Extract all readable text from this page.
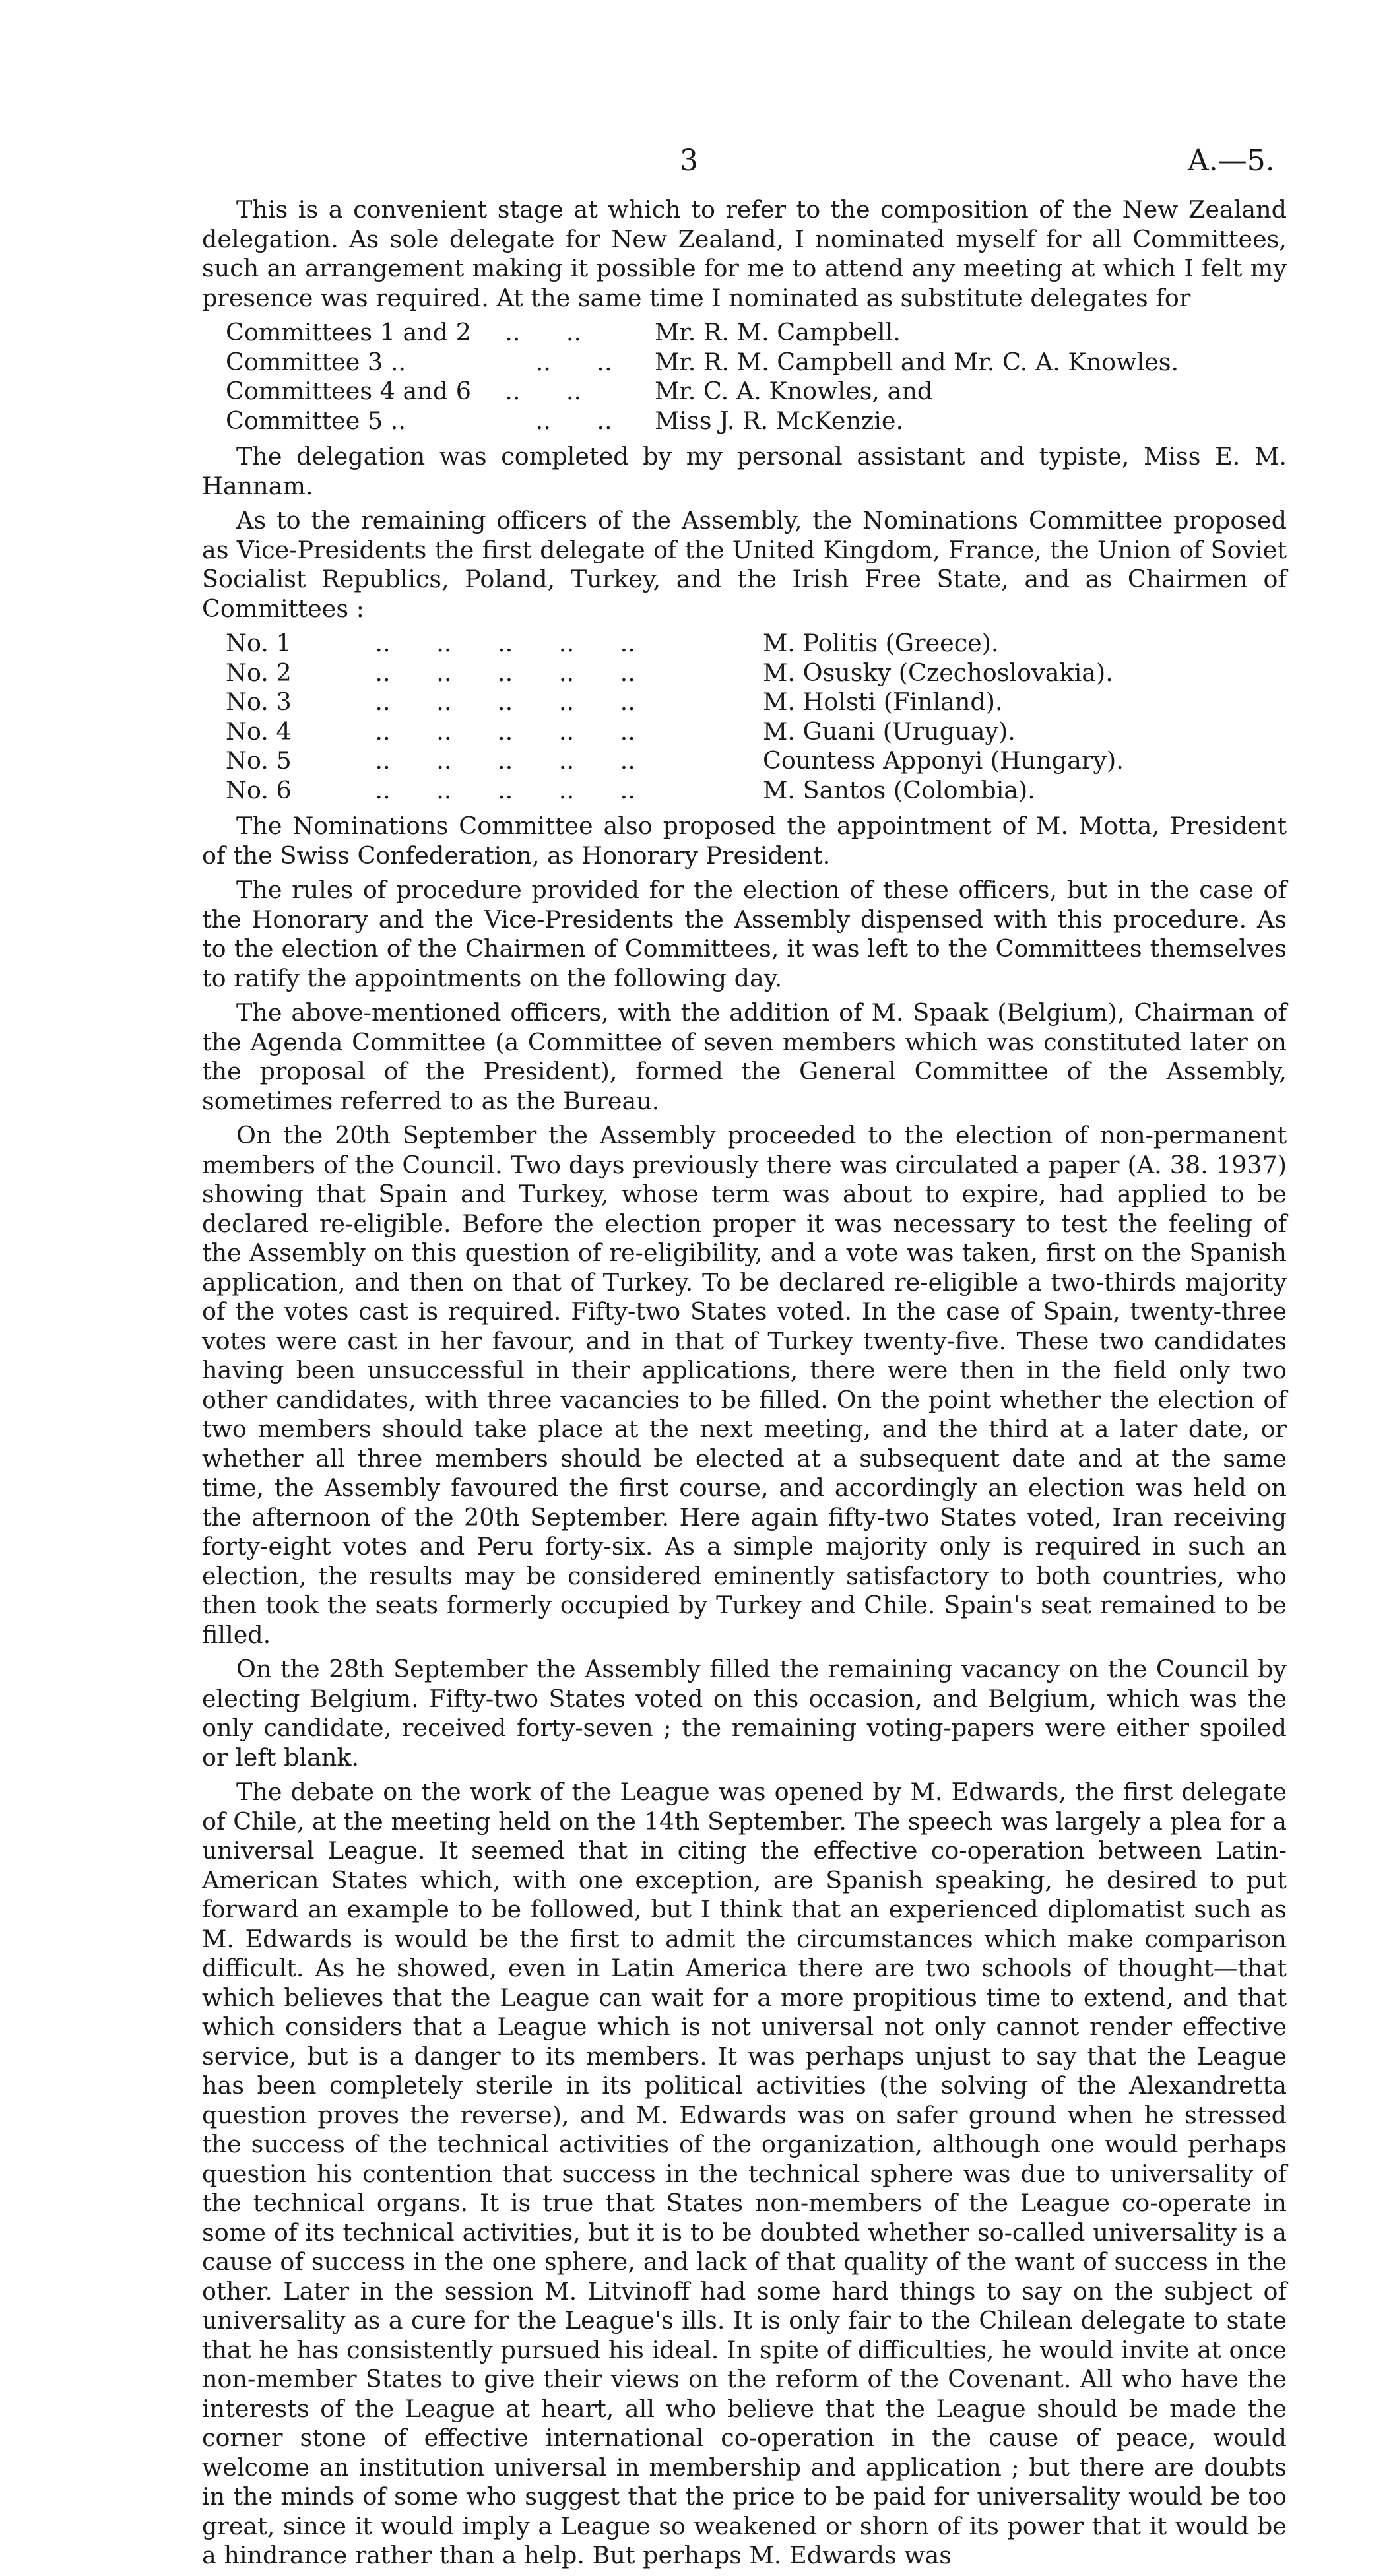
3	A.—5.

This is a convenient stage at which to refer to the composition of the New Zealand delegation. As sole delegate for New Zealand, I nominated myself for all Committees, such an arrangement making it possible for me to attend any meeting at which I felt my presence was required. At the same time I nominated as substitute delegates for

Committees 1 and 2 ..      ..	Mr. R. M. Campbell.
Committee 3 ..	..      ..	Mr. R. M. Campbell and Mr. C. A. Knowles.
Committees 4 and 6 ..      ..	Mr. C. A. Knowles, and
Committee 5 ..	..      ..	Miss J. R. McKenzie.

The delegation was completed by my personal assistant and typiste, Miss E. M. Hannam.

As to the remaining officers of the Assembly, the Nominations Committee proposed as Vice-Presidents the first delegate of the United Kingdom, France, the Union of Soviet Socialist Republics, Poland, Turkey, and the Irish Free State, and as Chairmen of Committees :

No. 1	..      ..      ..      ..      ..	M. Politis (Greece).
No. 2	..      ..      ..      ..      ..	M. Osusky (Czechoslovakia).
No. 3	..      ..      ..      ..      ..	M. Holsti (Finland).
No. 4	..      ..      ..      ..      ..	M. Guani (Uruguay).
No. 5	..      ..      ..      ..      ..	Countess Apponyi (Hungary).
No. 6	..      ..      ..      ..      ..	M. Santos (Colombia).

The Nominations Committee also proposed the appointment of M. Motta, President of the Swiss Confederation, as Honorary President.

The rules of procedure provided for the election of these officers, but in the case of the Honorary and the Vice-Presidents the Assembly dispensed with this procedure. As to the election of the Chairmen of Committees, it was left to the Committees themselves to ratify the appointments on the following day.

The above-mentioned officers, with the addition of M. Spaak (Belgium), Chairman of the Agenda Committee (a Committee of seven members which was constituted later on the proposal of the President), formed the General Committee of the Assembly, sometimes referred to as the Bureau.

On the 20th September the Assembly proceeded to the election of non-permanent members of the Council. Two days previously there was circulated a paper (A. 38. 1937) showing that Spain and Turkey, whose term was about to expire, had applied to be declared re-eligible. Before the election proper it was necessary to test the feeling of the Assembly on this question of re-eligibility, and a vote was taken, first on the Spanish application, and then on that of Turkey. To be declared re-eligible a two-thirds majority of the votes cast is required. Fifty-two States voted. In the case of Spain, twenty-three votes were cast in her favour, and in that of Turkey twenty-five. These two candidates having been unsuccessful in their applications, there were then in the field only two other candidates, with three vacancies to be filled. On the point whether the election of two members should take place at the next meeting, and the third at a later date, or whether all three members should be elected at a subsequent date and at the same time, the Assembly favoured the first course, and accordingly an election was held on the afternoon of the 20th September. Here again fifty-two States voted, Iran receiving forty-eight votes and Peru forty-six. As a simple majority only is required in such an election, the results may be considered eminently satisfactory to both countries, who then took the seats formerly occupied by Turkey and Chile. Spain's seat remained to be filled.

On the 28th September the Assembly filled the remaining vacancy on the Council by electing Belgium. Fifty-two States voted on this occasion, and Belgium, which was the only candidate, received forty-seven ; the remaining voting-papers were either spoiled or left blank.

The debate on the work of the League was opened by M. Edwards, the first delegate of Chile, at the meeting held on the 14th September. The speech was largely a plea for a universal League. It seemed that in citing the effective co-operation between Latin-American States which, with one exception, are Spanish speaking, he desired to put forward an example to be followed, but I think that an experienced diplomatist such as M. Edwards is would be the first to admit the circumstances which make comparison difficult. As he showed, even in Latin America there are two schools of thought—that which believes that the League can wait for a more propitious time to extend, and that which considers that a League which is not universal not only cannot render effective service, but is a danger to its members. It was perhaps unjust to say that the League has been completely sterile in its political activities (the solving of the Alexandretta question proves the reverse), and M. Edwards was on safer ground when he stressed the success of the technical activities of the organization, although one would perhaps question his contention that success in the technical sphere was due to universality of the technical organs. It is true that States non-members of the League co-operate in some of its technical activities, but it is to be doubted whether so-called universality is a cause of success in the one sphere, and lack of that quality of the want of success in the other. Later in the session M. Litvinoff had some hard things to say on the subject of universality as a cure for the League's ills. It is only fair to the Chilean delegate to state that he has consistently pursued his ideal. In spite of difficulties, he would invite at once non-member States to give their views on the reform of the Covenant. All who have the interests of the League at heart, all who believe that the League should be made the corner stone of effective international co-operation in the cause of peace, would welcome an institution universal in membership and application ; but there are doubts in the minds of some who suggest that the price to be paid for universality would be too great, since it would imply a League so weakened or shorn of its power that it would be a hindrance rather than a help. But perhaps M. Edwards was
